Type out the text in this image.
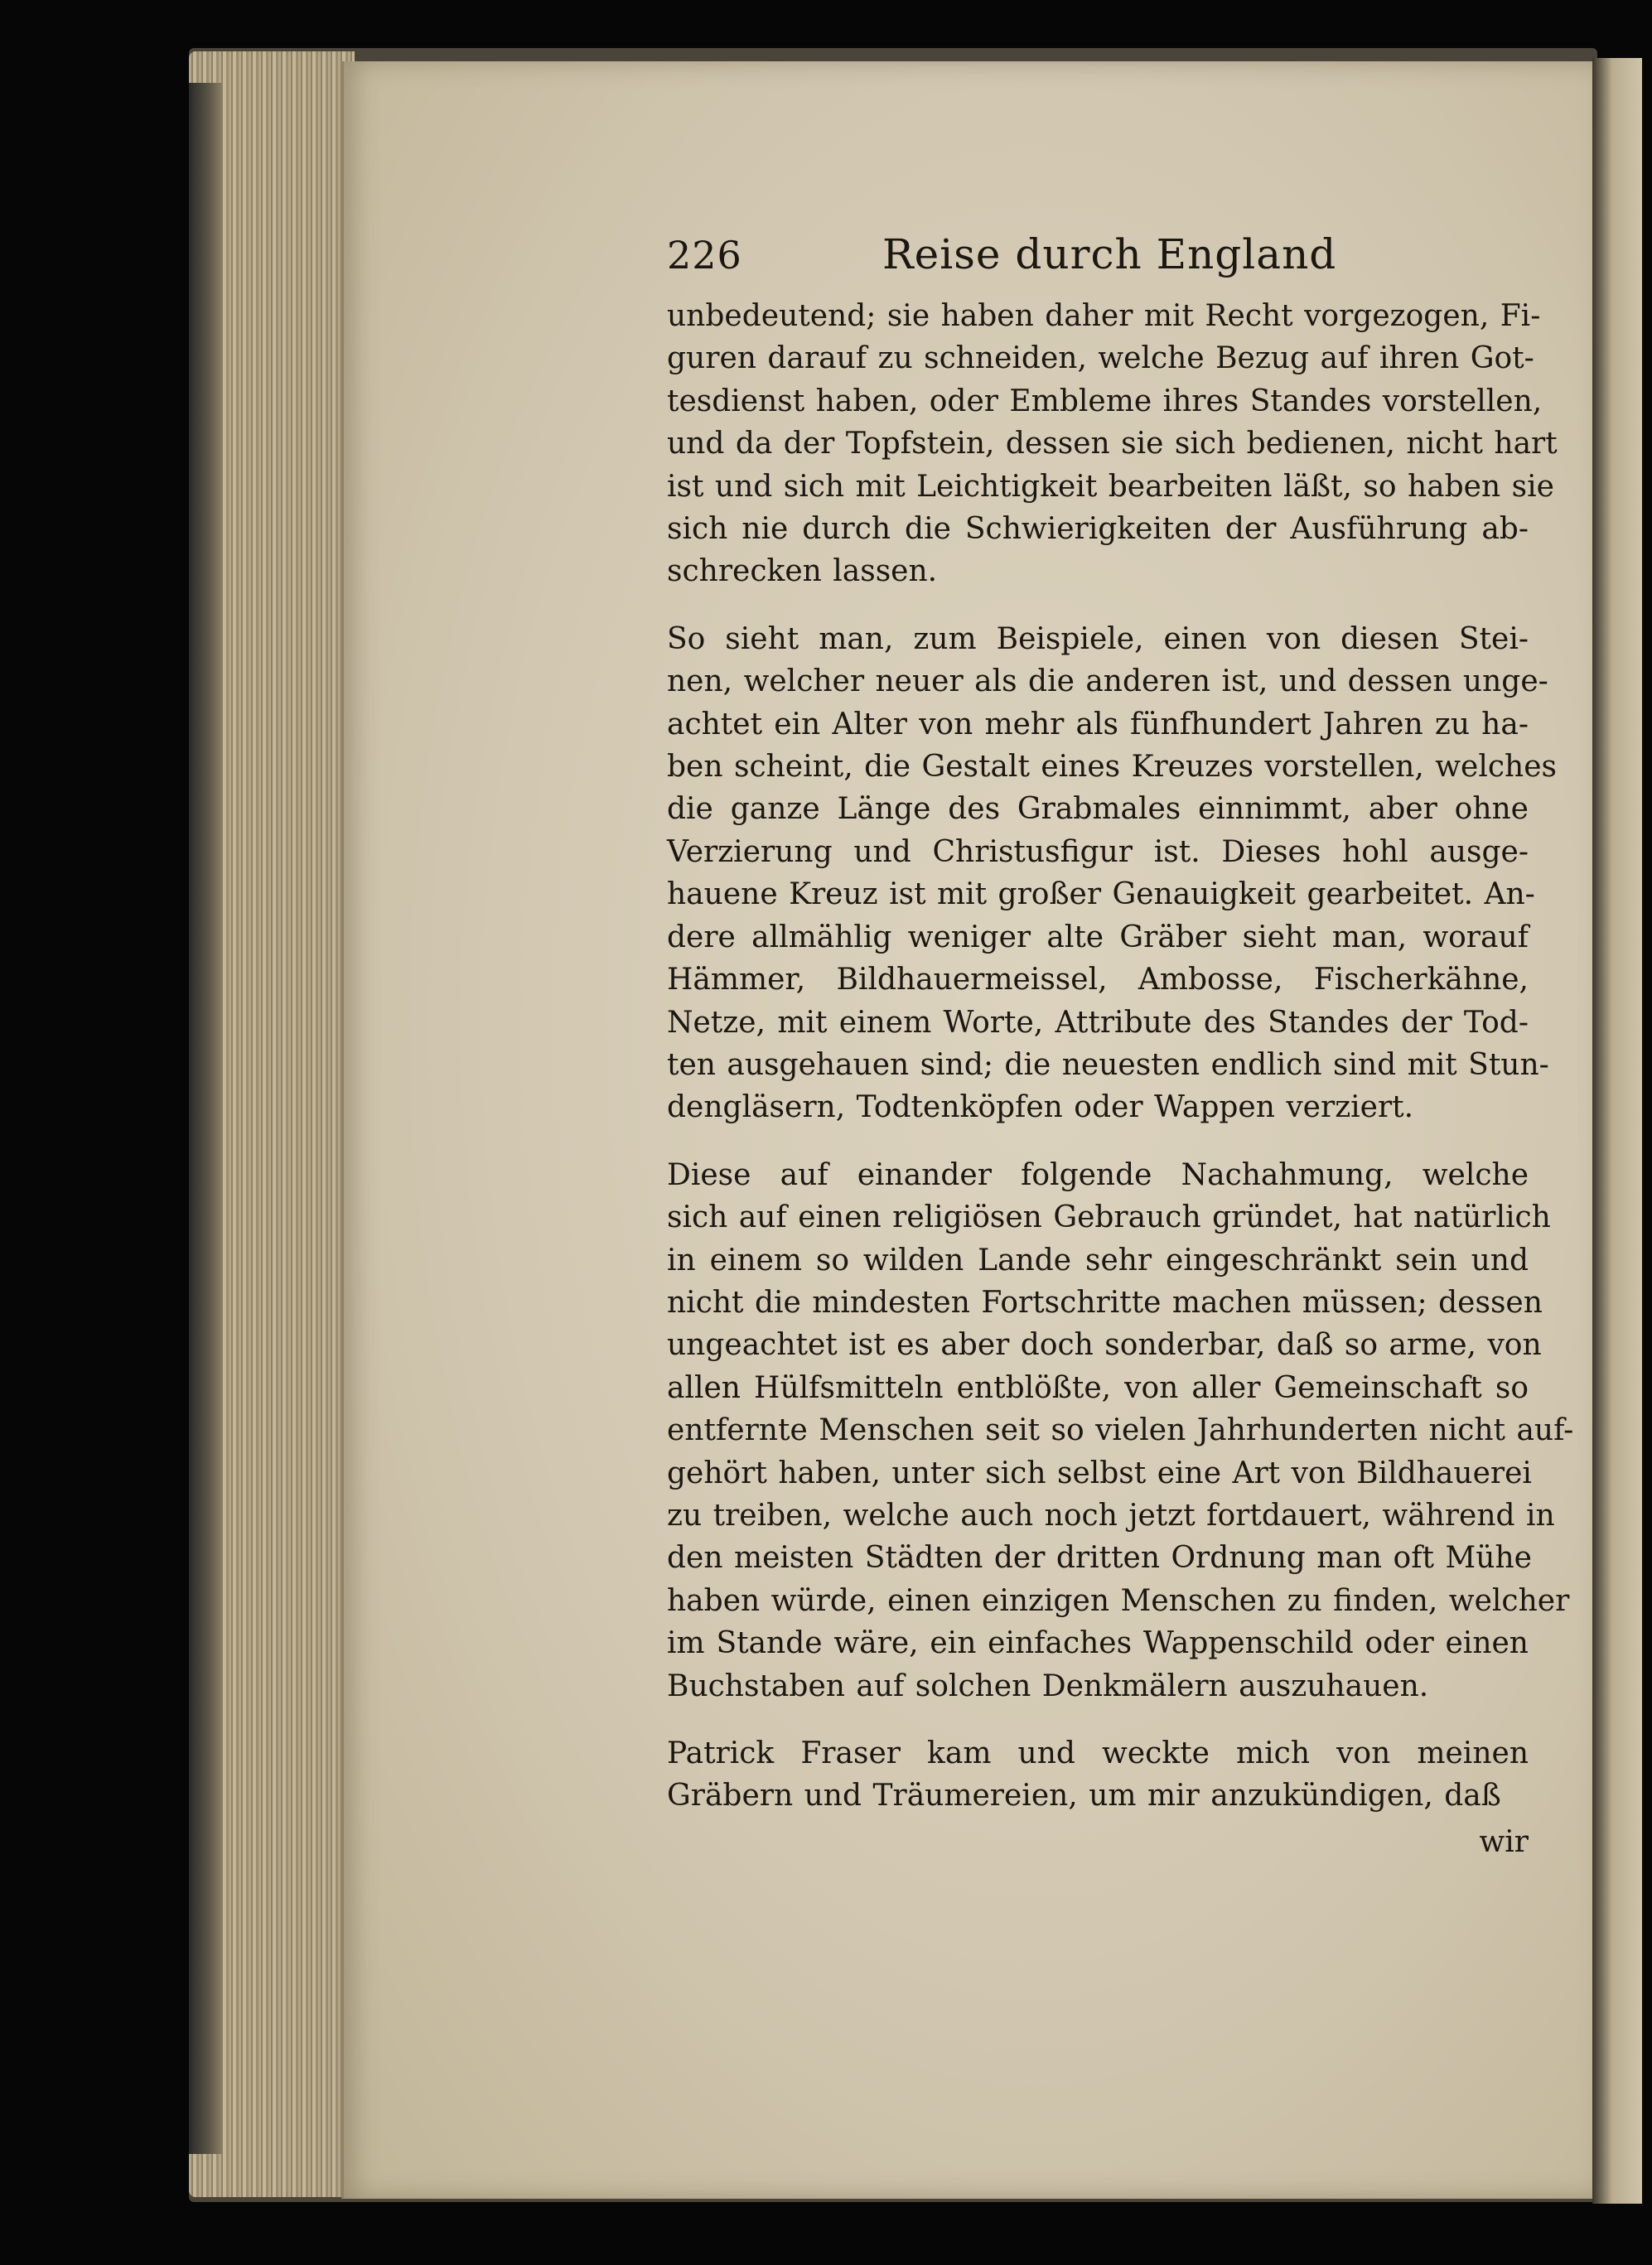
226	Reise durch England
unbedeutend; sie haben daher mit Recht vorgezogen, Fi-
guren darauf zu schneiden, welche Bezug auf ihren Got-
tesdienst haben, oder Embleme ihres Standes vorstellen,
und da der Topfstein, dessen sie sich bedienen, nicht hart
ist und sich mit Leichtigkeit bearbeiten läßt, so haben sie
sich nie durch die Schwierigkeiten der Ausführung ab-
schrecken lassen.
So sieht man, zum Beispiele, einen von diesen Stei-
nen, welcher neuer als die anderen ist, und dessen unge-
achtet ein Alter von mehr als fünfhundert Jahren zu ha-
ben scheint, die Gestalt eines Kreuzes vorstellen, welches
die ganze Länge des Grabmales einnimmt, aber ohne
Verzierung und Christusfigur ist. Dieses hohl ausge-
hauene Kreuz ist mit großer Genauigkeit gearbeitet. An-
dere allmählig weniger alte Gräber sieht man, worauf
Hämmer, Bildhauermeissel, Ambosse, Fischerkähne,
Netze, mit einem Worte, Attribute des Standes der Tod-
ten ausgehauen sind; die neuesten endlich sind mit Stun-
dengläsern, Todtenköpfen oder Wappen verziert.
Diese auf einander folgende Nachahmung, welche
sich auf einen religiösen Gebrauch gründet, hat natürlich
in einem so wilden Lande sehr eingeschränkt sein und
nicht die mindesten Fortschritte machen müssen; dessen
ungeachtet ist es aber doch sonderbar, daß so arme, von
allen Hülfsmitteln entblößte, von aller Gemeinschaft so
entfernte Menschen seit so vielen Jahrhunderten nicht auf-
gehört haben, unter sich selbst eine Art von Bildhauerei
zu treiben, welche auch noch jetzt fortdauert, während in
den meisten Städten der dritten Ordnung man oft Mühe
haben würde, einen einzigen Menschen zu finden, welcher
im Stande wäre, ein einfaches Wappenschild oder einen
Buchstaben auf solchen Denkmälern auszuhauen.
Patrick Fraser kam und weckte mich von meinen
Gräbern und Träumereien, um mir anzukündigen, daß
wir
